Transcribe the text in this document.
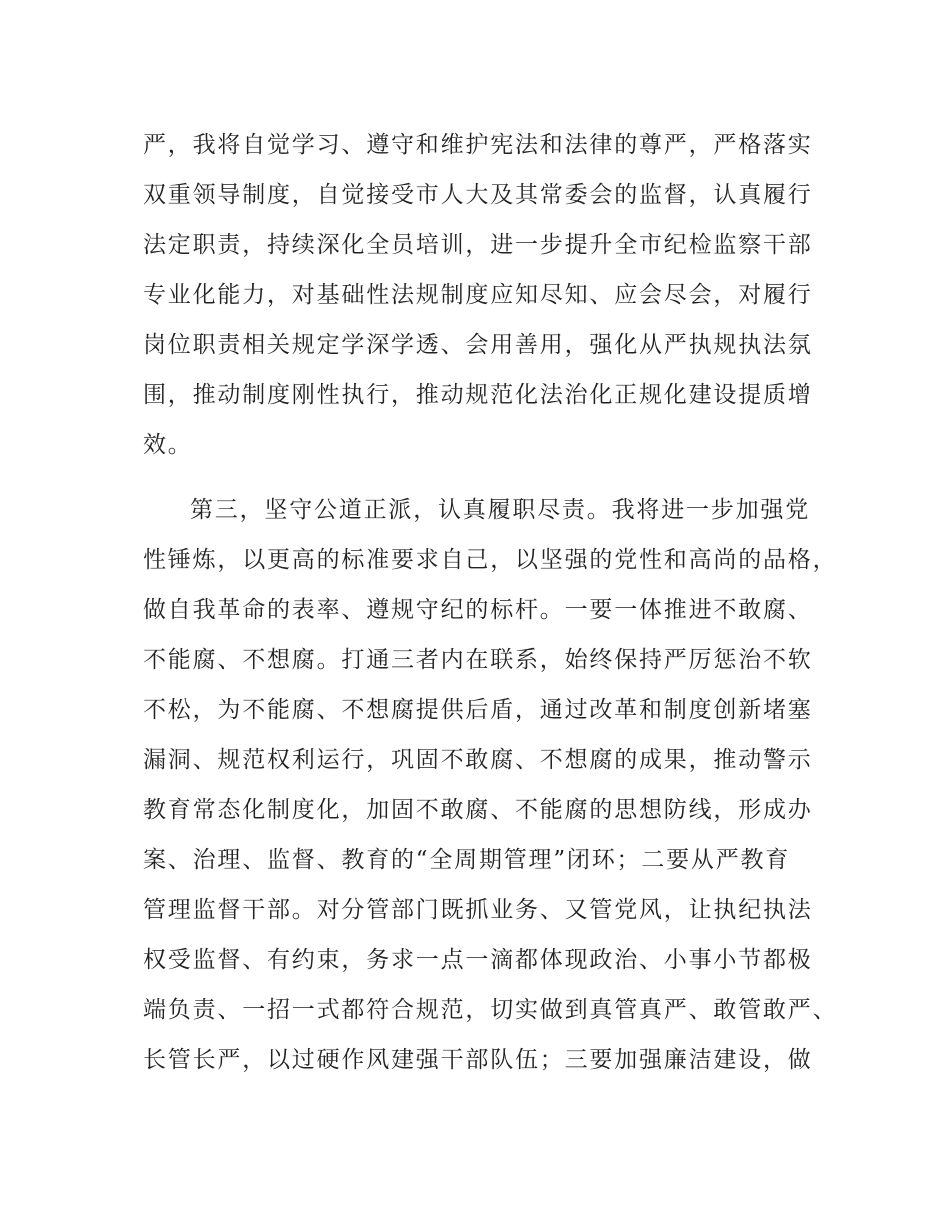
严，我将自觉学习、遵守和维护宪法和法律的尊严，严格落实
双重领导制度，自觉接受市人大及其常委会的监督，认真履行
法定职责，持续深化全员培训，进一步提升全市纪检监察干部
专业化能力，对基础性法规制度应知尽知、应会尽会，对履行
岗位职责相关规定学深学透、会用善用，强化从严执规执法氛
围，推动制度刚性执行，推动规范化法治化正规化建设提质增
效。
第三，坚守公道正派，认真履职尽责。我将进一步加强党
性锤炼，以更高的标准要求自己，以坚强的党性和高尚的品格，
做自我革命的表率、遵规守纪的标杆。一要一体推进不敢腐、
不能腐、不想腐。打通三者内在联系，始终保持严厉惩治不软
不松，为不能腐、不想腐提供后盾，通过改革和制度创新堵塞
漏洞、规范权利运行，巩固不敢腐、不想腐的成果，推动警示
教育常态化制度化，加固不敢腐、不能腐的思想防线，形成办
案、治理、监督、教育的“全周期管理”闭环；二要从严教育
管理监督干部。对分管部门既抓业务、又管党风，让执纪执法
权受监督、有约束，务求一点一滴都体现政治、小事小节都极
端负责、一招一式都符合规范，切实做到真管真严、敢管敢严、
长管长严，以过硬作风建强干部队伍；三要加强廉洁建设，做
